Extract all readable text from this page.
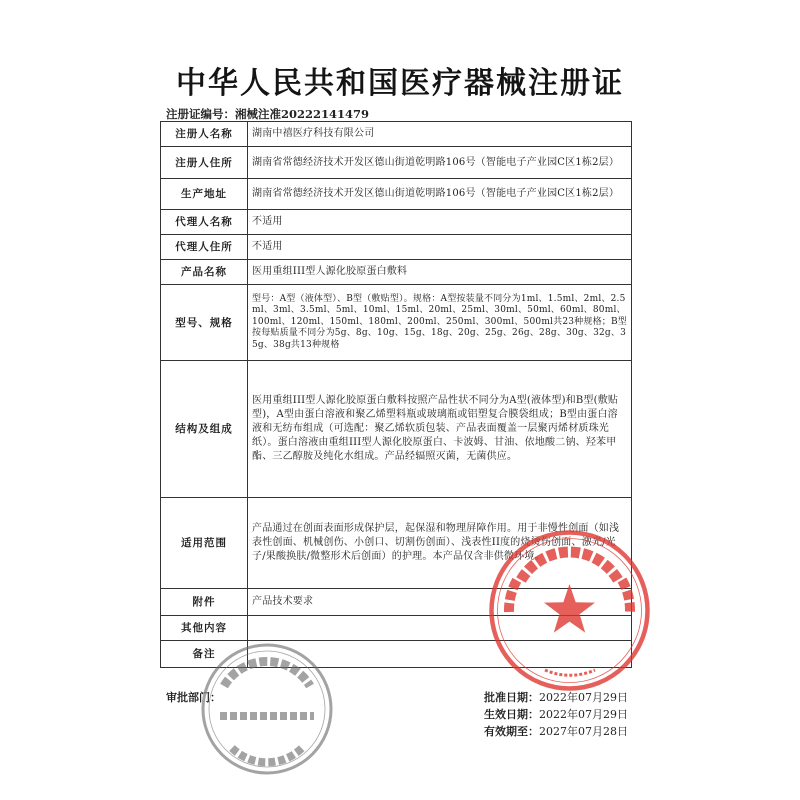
中华人民共和国医疗器械注册证
注册证编号：湘械注准20222141479
注册人名称	湖南中禧医疗科技有限公司
注册人住所	湖南省常德经济技术开发区德山街道乾明路106号（智能电子产业园C区1栋2层）
生产地址	湖南省常德经济技术开发区德山街道乾明路106号（智能电子产业园C区1栋2层）
代理人名称	不适用
代理人住所	不适用
产品名称	医用重组III型人源化胶原蛋白敷料
型号、规格	型号：A型（液体型）、B型（敷贴型）。规格：A型按装量不同分为1ml、1.5ml、2ml、2.5ml、3ml、3.5ml、5ml、10ml、15ml、20ml、25ml、30ml、50ml、60ml、80ml、100ml、120ml、150ml、180ml、200ml、250ml、300ml、500ml共23种规格；B型按每贴质量不同分为5g、8g、10g、15g、18g、20g、25g、26g、28g、30g、32g、35g、38g共13种规格
结构及组成	医用重组III型人源化胶原蛋白敷料按照产品性状不同分为A型(液体型)和B型(敷贴型)，A型由蛋白溶液和聚乙烯塑料瓶或玻璃瓶或铝塑复合膜袋组成；B型由蛋白溶液和无纺布组成（可选配：聚乙烯软质包装、产品表面覆盖一层聚丙烯材质珠光纸）。蛋白溶液由重组III型人源化胶原蛋白、卡波姆、甘油、依地酸二钠、羟苯甲酯、三乙醇胺及纯化水组成。产品经辐照灭菌，无菌供应。
适用范围	产品通过在创面表面形成保护层，起保湿和物理屏障作用。用于非慢性创面（如浅表性创面、机械创伤、小创口、切割伤创面）、浅表性II度的烧烫伤创面、激光/光子/果酸换肤/微整形术后创面）的护理。本产品仅含非供微环境。
附件	产品技术要求
其他内容	
备注	
审批部门：	批准日期：2022年07月29日
生效日期：2022年07月29日
有效期至：2027年07月28日
